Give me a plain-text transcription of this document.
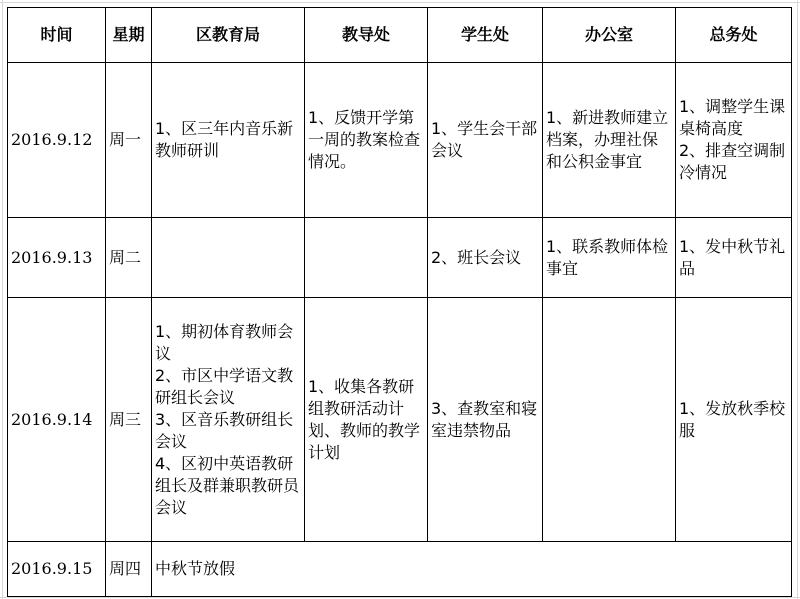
时间	星期	区教育局	教导处	学生处	办公室	总务处
2016.9.12	周一	1、区三年内音乐新教师研训	1、反馈开学第一周的教案检查情况。	1、学生会干部会议	1、新进教师建立档案，办理社保和公积金事宜	1、调整学生课桌椅高度
2、排查空调制冷情况

2016.9.13	周二			2、班长会议	1、联系教师体检事宜	1、发中秋节礼品

2016.9.14	周三	1、期初体育教师会议
2、市区中学语文教研组长会议
3、区音乐教研组长会议
4、区初中英语教研组长及群兼职教研员会议	1、收集各教研组教研活动计划、教师的教学计划	3、查教室和寝室违禁物品		1、发放秋季校服

2016.9.15	周四	中秋节放假				
